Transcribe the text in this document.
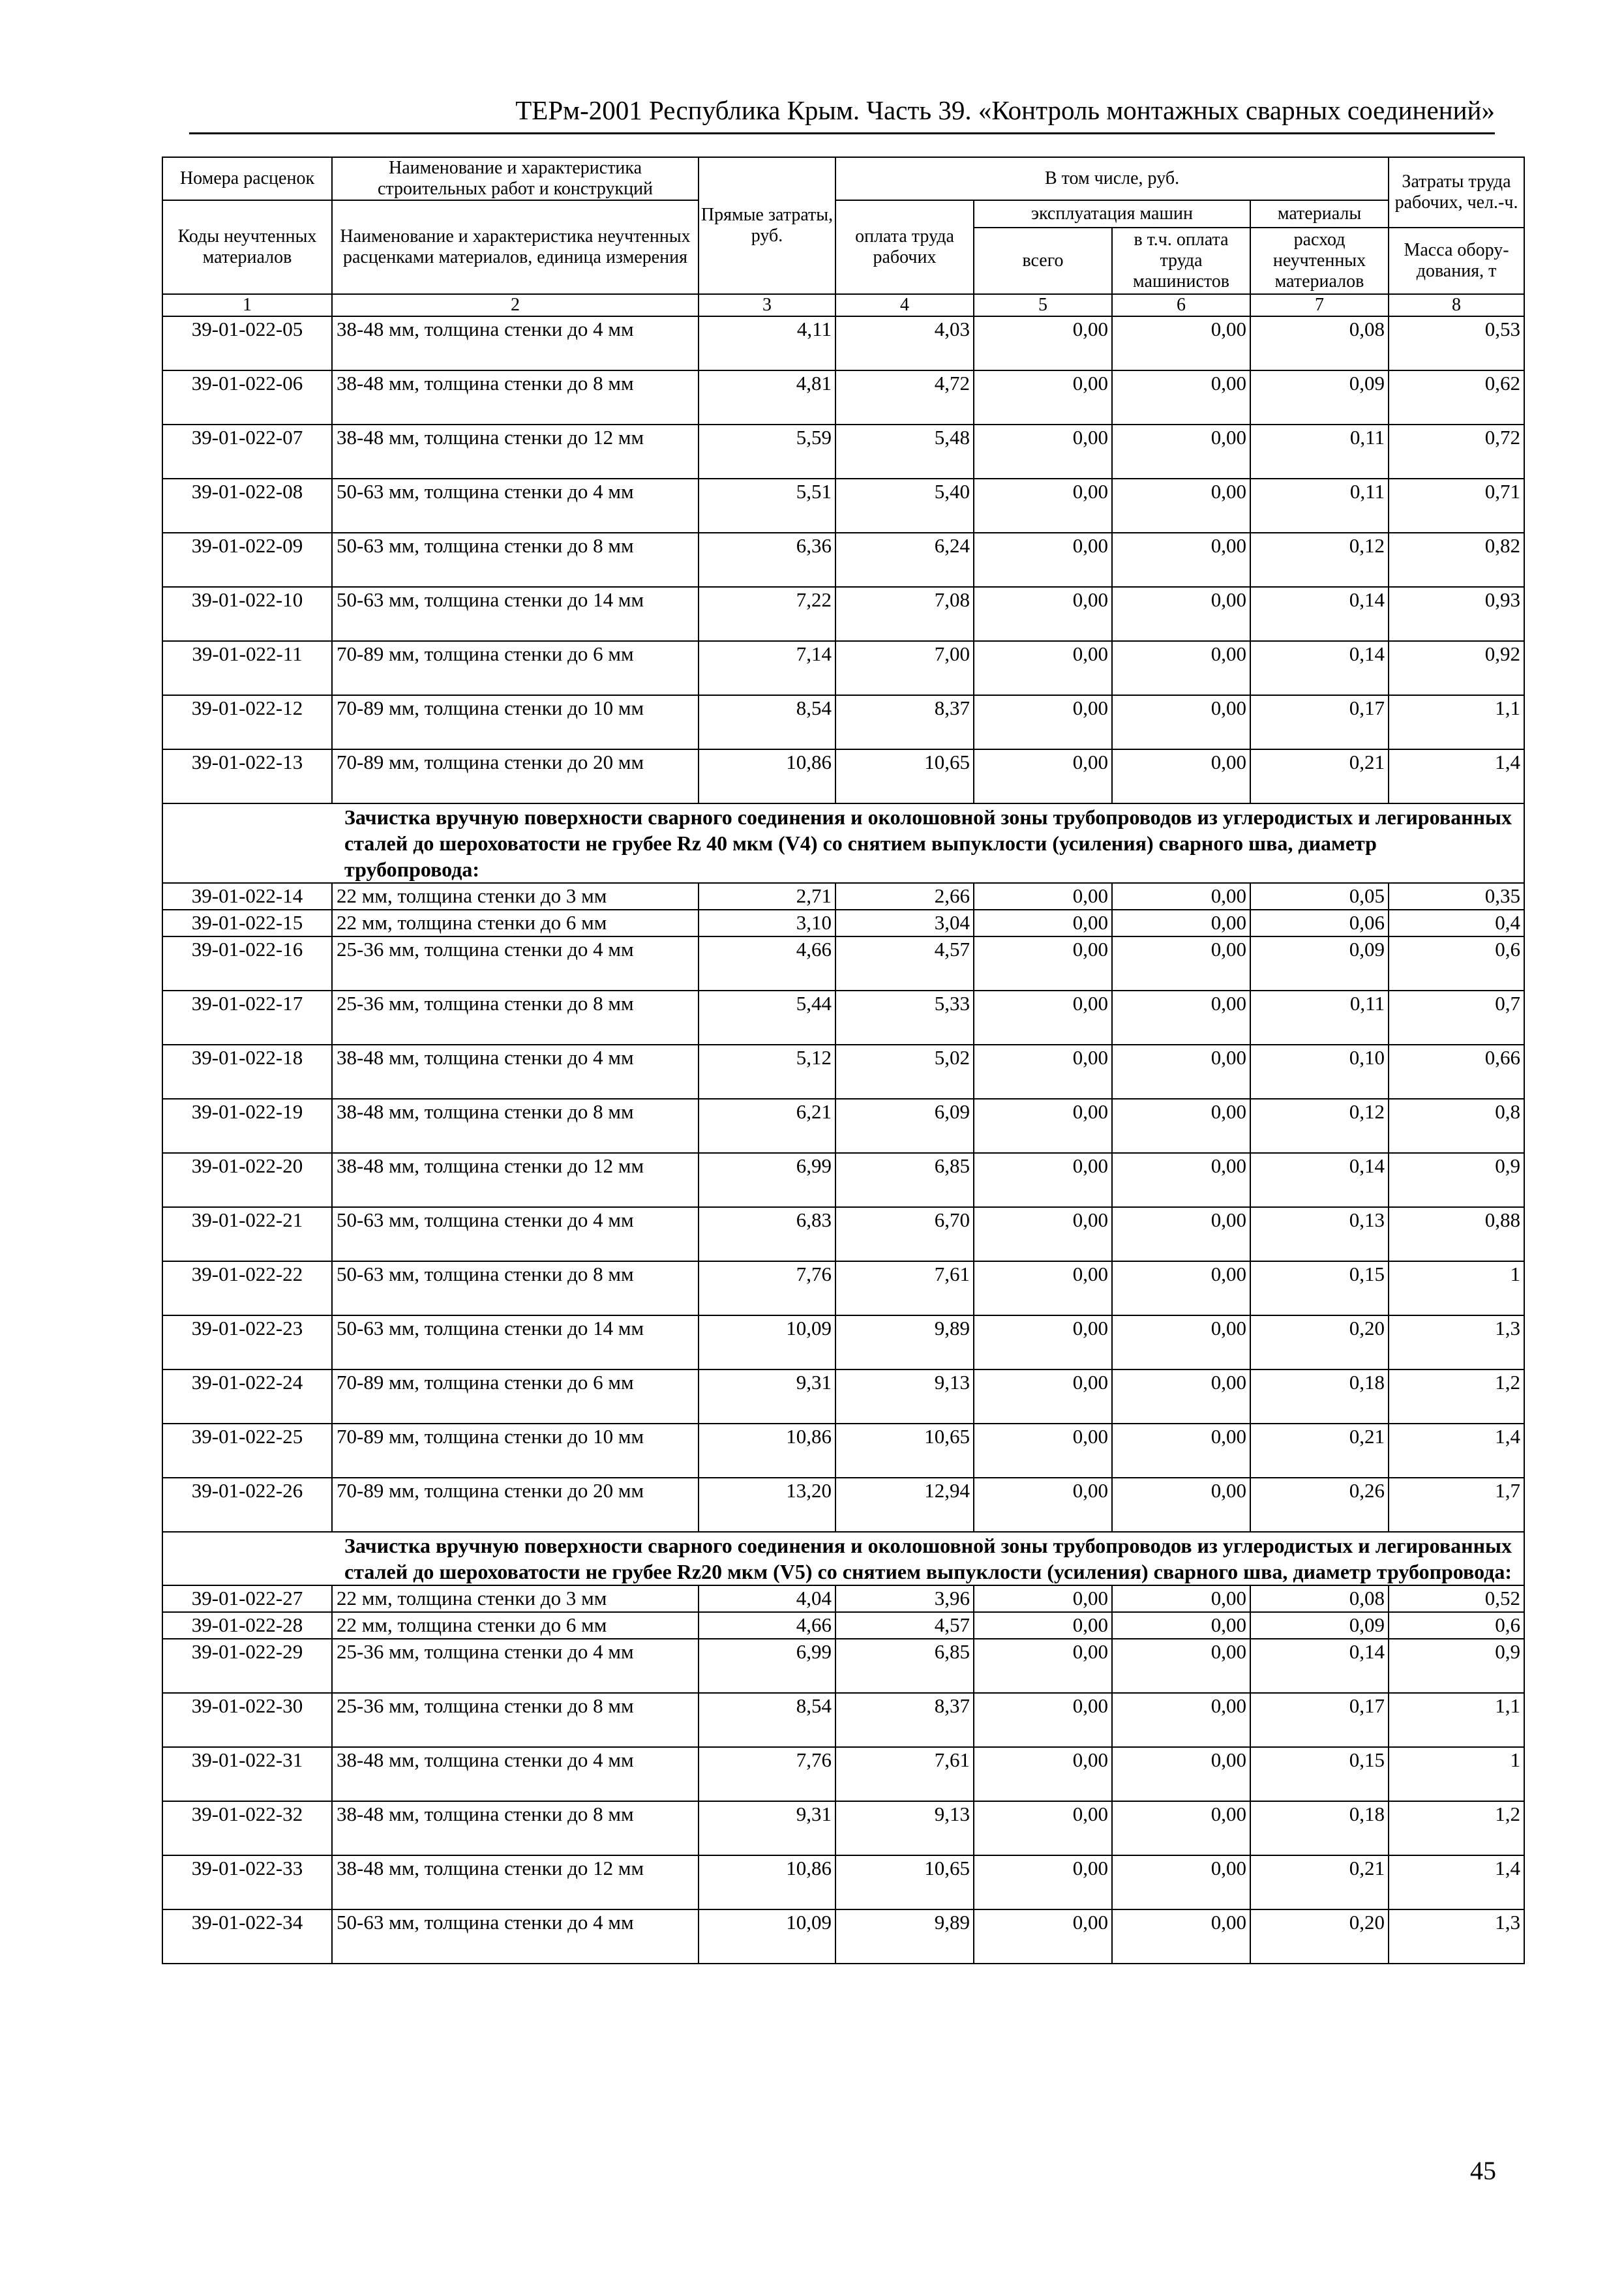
ТЕРм-2001 Республика Крым. Часть 39. «Контроль монтажных сварных соединений»
Номера расценок	Наименование и характеристика строительных работ и конструкций	Прямые затраты, руб.	В том числе, руб.				Затраты труда рабочих, чел.-ч.
Коды неучтенных материалов	Наименование и характеристика неучтенных расценками материалов, единица измерения		оплата труда рабочих	эксплуатация машин		материалы	
				всего	в т.ч. оплата труда машинистов	расход неучтенных материалов	Масса обору-дования, т
1	2	3	4	5	6	7	8
39-01-022-05	38-48 мм, толщина стенки до 4 мм	4,11	4,03	0,00	0,00	0,08	0,53
39-01-022-06	38-48 мм, толщина стенки до 8 мм	4,81	4,72	0,00	0,00	0,09	0,62
39-01-022-07	38-48 мм, толщина стенки до 12 мм	5,59	5,48	0,00	0,00	0,11	0,72
39-01-022-08	50-63 мм, толщина стенки до 4 мм	5,51	5,40	0,00	0,00	0,11	0,71
39-01-022-09	50-63 мм, толщина стенки до 8 мм	6,36	6,24	0,00	0,00	0,12	0,82
39-01-022-10	50-63 мм, толщина стенки до 14 мм	7,22	7,08	0,00	0,00	0,14	0,93
39-01-022-11	70-89 мм, толщина стенки до 6 мм	7,14	7,00	0,00	0,00	0,14	0,92
39-01-022-12	70-89 мм, толщина стенки до 10 мм	8,54	8,37	0,00	0,00	0,17	1,1
39-01-022-13	70-89 мм, толщина стенки до 20 мм	10,86	10,65	0,00	0,00	0,21	1,4
Зачистка вручную поверхности сварного соединения и околошовной зоны трубопроводов из углеродистых и легированных сталей до шероховатости не грубее Rz 40 мкм (V4) со снятием выпуклости (усиления) сварного шва, диаметр трубопровода:							
39-01-022-14	22 мм, толщина стенки до 3 мм	2,71	2,66	0,00	0,00	0,05	0,35
39-01-022-15	22 мм, толщина стенки до 6 мм	3,10	3,04	0,00	0,00	0,06	0,4
39-01-022-16	25-36 мм, толщина стенки до 4 мм	4,66	4,57	0,00	0,00	0,09	0,6
39-01-022-17	25-36 мм, толщина стенки до 8 мм	5,44	5,33	0,00	0,00	0,11	0,7
39-01-022-18	38-48 мм, толщина стенки до 4 мм	5,12	5,02	0,00	0,00	0,10	0,66
39-01-022-19	38-48 мм, толщина стенки до 8 мм	6,21	6,09	0,00	0,00	0,12	0,8
39-01-022-20	38-48 мм, толщина стенки до 12 мм	6,99	6,85	0,00	0,00	0,14	0,9
39-01-022-21	50-63 мм, толщина стенки до 4 мм	6,83	6,70	0,00	0,00	0,13	0,88
39-01-022-22	50-63 мм, толщина стенки до 8 мм	7,76	7,61	0,00	0,00	0,15	1
39-01-022-23	50-63 мм, толщина стенки до 14 мм	10,09	9,89	0,00	0,00	0,20	1,3
39-01-022-24	70-89 мм, толщина стенки до 6 мм	9,31	9,13	0,00	0,00	0,18	1,2
39-01-022-25	70-89 мм, толщина стенки до 10 мм	10,86	10,65	0,00	0,00	0,21	1,4
39-01-022-26	70-89 мм, толщина стенки до 20 мм	13,20	12,94	0,00	0,00	0,26	1,7
Зачистка вручную поверхности сварного соединения и околошовной зоны трубопроводов из углеродистых и легированных сталей до шероховатости не грубее Rz20 мкм (V5) со снятием выпуклости (усиления) сварного шва, диаметр трубопровода:							
39-01-022-27	22 мм, толщина стенки до 3 мм	4,04	3,96	0,00	0,00	0,08	0,52
39-01-022-28	22 мм, толщина стенки до 6 мм	4,66	4,57	0,00	0,00	0,09	0,6
39-01-022-29	25-36 мм, толщина стенки до 4 мм	6,99	6,85	0,00	0,00	0,14	0,9
39-01-022-30	25-36 мм, толщина стенки до 8 мм	8,54	8,37	0,00	0,00	0,17	1,1
39-01-022-31	38-48 мм, толщина стенки до 4 мм	7,76	7,61	0,00	0,00	0,15	1
39-01-022-32	38-48 мм, толщина стенки до 8 мм	9,31	9,13	0,00	0,00	0,18	1,2
39-01-022-33	38-48 мм, толщина стенки до 12 мм	10,86	10,65	0,00	0,00	0,21	1,4
39-01-022-34	50-63 мм, толщина стенки до 4 мм	10,09	9,89	0,00	0,00	0,20	1,3
45
